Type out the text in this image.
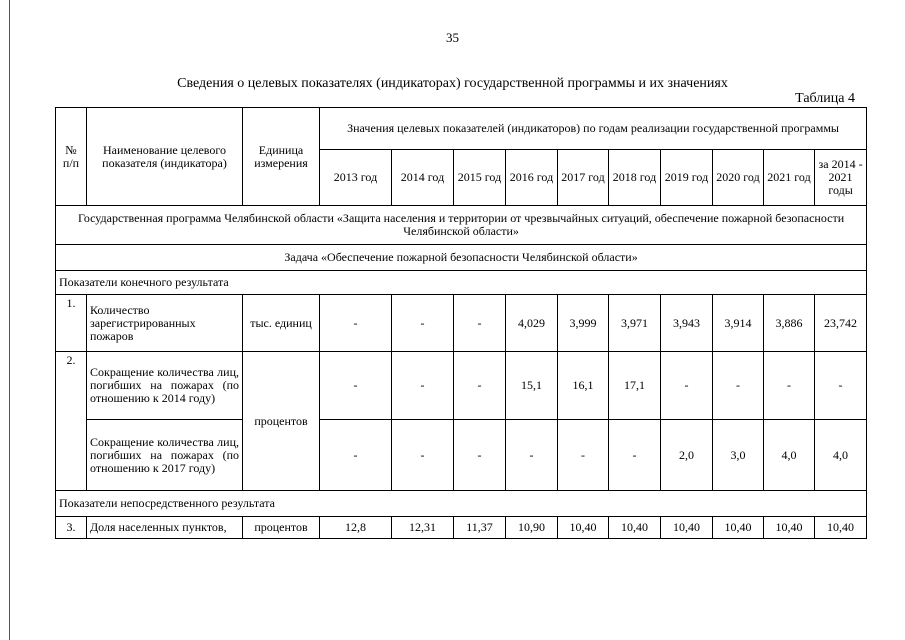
35
Сведения о целевых показателях (индикаторах) государственной программы и их значениях
Таблица 4
№ п/п	Наименование целевого показателя (индикатора)	Единица измерения	Значения целевых показателей (индикаторов) по годам реализации государственной программы									
			2013 год	2014 год	2015 год	2016 год	2017 год	2018 год	2019 год	2020 год	2021 год	за 2014 - 2021 годы
Государственная программа Челябинской области «Защита населения и территории от чрезвычайных ситуаций, обеспечение пожарной безопасности Челябинской области»												
Задача «Обеспечение пожарной безопасности Челябинской области»												
Показатели конечного результата												
1.	Количество зарегистрированных пожаров	тыс. единиц	-	-	-	4,029	3,999	3,971	3,943	3,914	3,886	23,742
2.	Сокращение количества лиц, погибших на пожарах (по отношению к 2014 году)	процентов	-	-	-	15,1	16,1	17,1	-	-	-	-
	Сокращение количества лиц, погибших на пожарах (по отношению к 2017 году)		-	-	-	-	-	-	2,0	3,0	4,0	4,0
Показатели непосредственного результата												
3.	Доля населенных пунктов,	процентов	12,8	12,31	11,37	10,90	10,40	10,40	10,40	10,40	10,40	10,40
